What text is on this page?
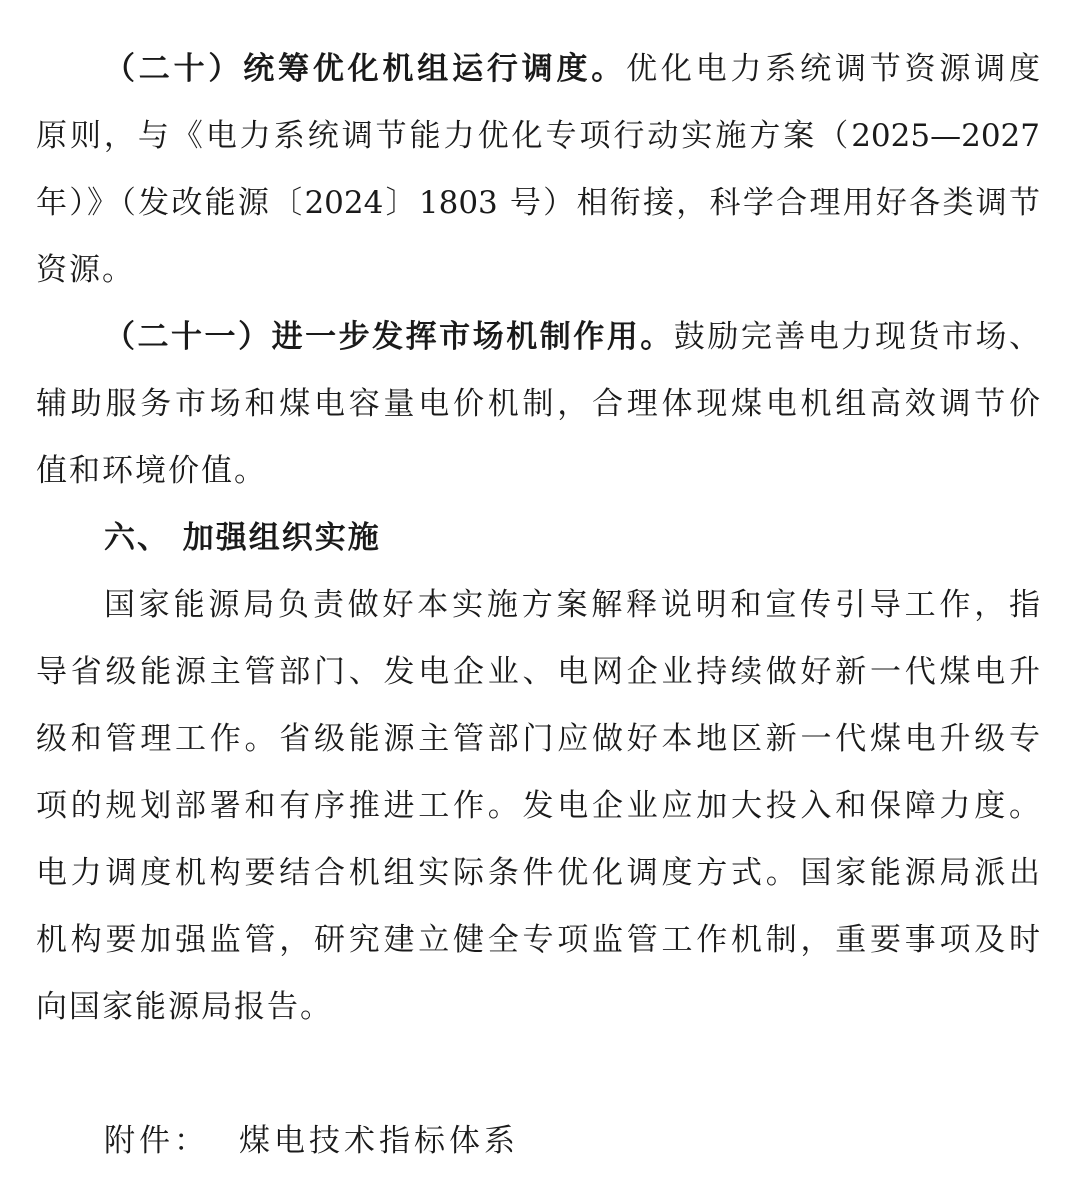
（二十）统筹优化机组运行调度。优化电力系统调节资源调度
原则，与《电力系统调节能力优化专项行动实施方案（2025—2027
年）》（发改能源〔2024〕1803 号）相衔接，科学合理用好各类调节
资源。
（二十一）进一步发挥市场机制作用。鼓励完善电力现货市场、
辅助服务市场和煤电容量电价机制，合理体现煤电机组高效调节价
值和环境价值。
六、 加强组织实施
国家能源局负责做好本实施方案解释说明和宣传引导工作，指
导省级能源主管部门、发电企业、电网企业持续做好新一代煤电升
级和管理工作。省级能源主管部门应做好本地区新一代煤电升级专
项的规划部署和有序推进工作。发电企业应加大投入和保障力度。
电力调度机构要结合机组实际条件优化调度方式。国家能源局派出
机构要加强监管，研究建立健全专项监管工作机制，重要事项及时
向国家能源局报告。
附件： 煤电技术指标体系
